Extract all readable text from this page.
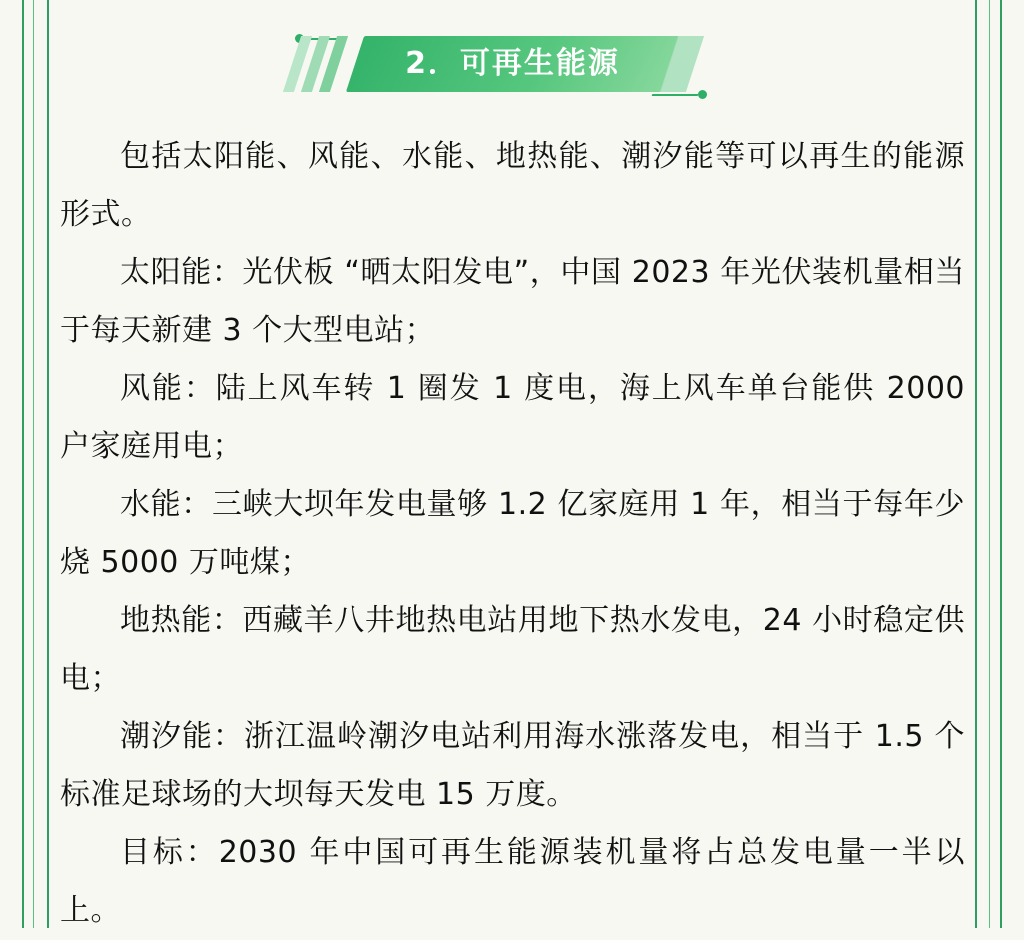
2．可再生能源

包括太阳能、风能、水能、地热能、潮汐能等可以再生的能源形式。

太阳能：光伏板 “晒太阳发电”，中国 2023 年光伏装机量相当于每天新建 3 个大型电站；

风能：陆上风车转 1 圈发 1 度电，海上风车单台能供 2000 户家庭用电；

水能：三峡大坝年发电量够 1.2 亿家庭用 1 年，相当于每年少烧 5000 万吨煤；

地热能：西藏羊八井地热电站用地下热水发电，24 小时稳定供电；

潮汐能：浙江温岭潮汐电站利用海水涨落发电，相当于 1.5 个标准足球场的大坝每天发电 15 万度。

目标：2030 年中国可再生能源装机量将占总发电量一半以上。
